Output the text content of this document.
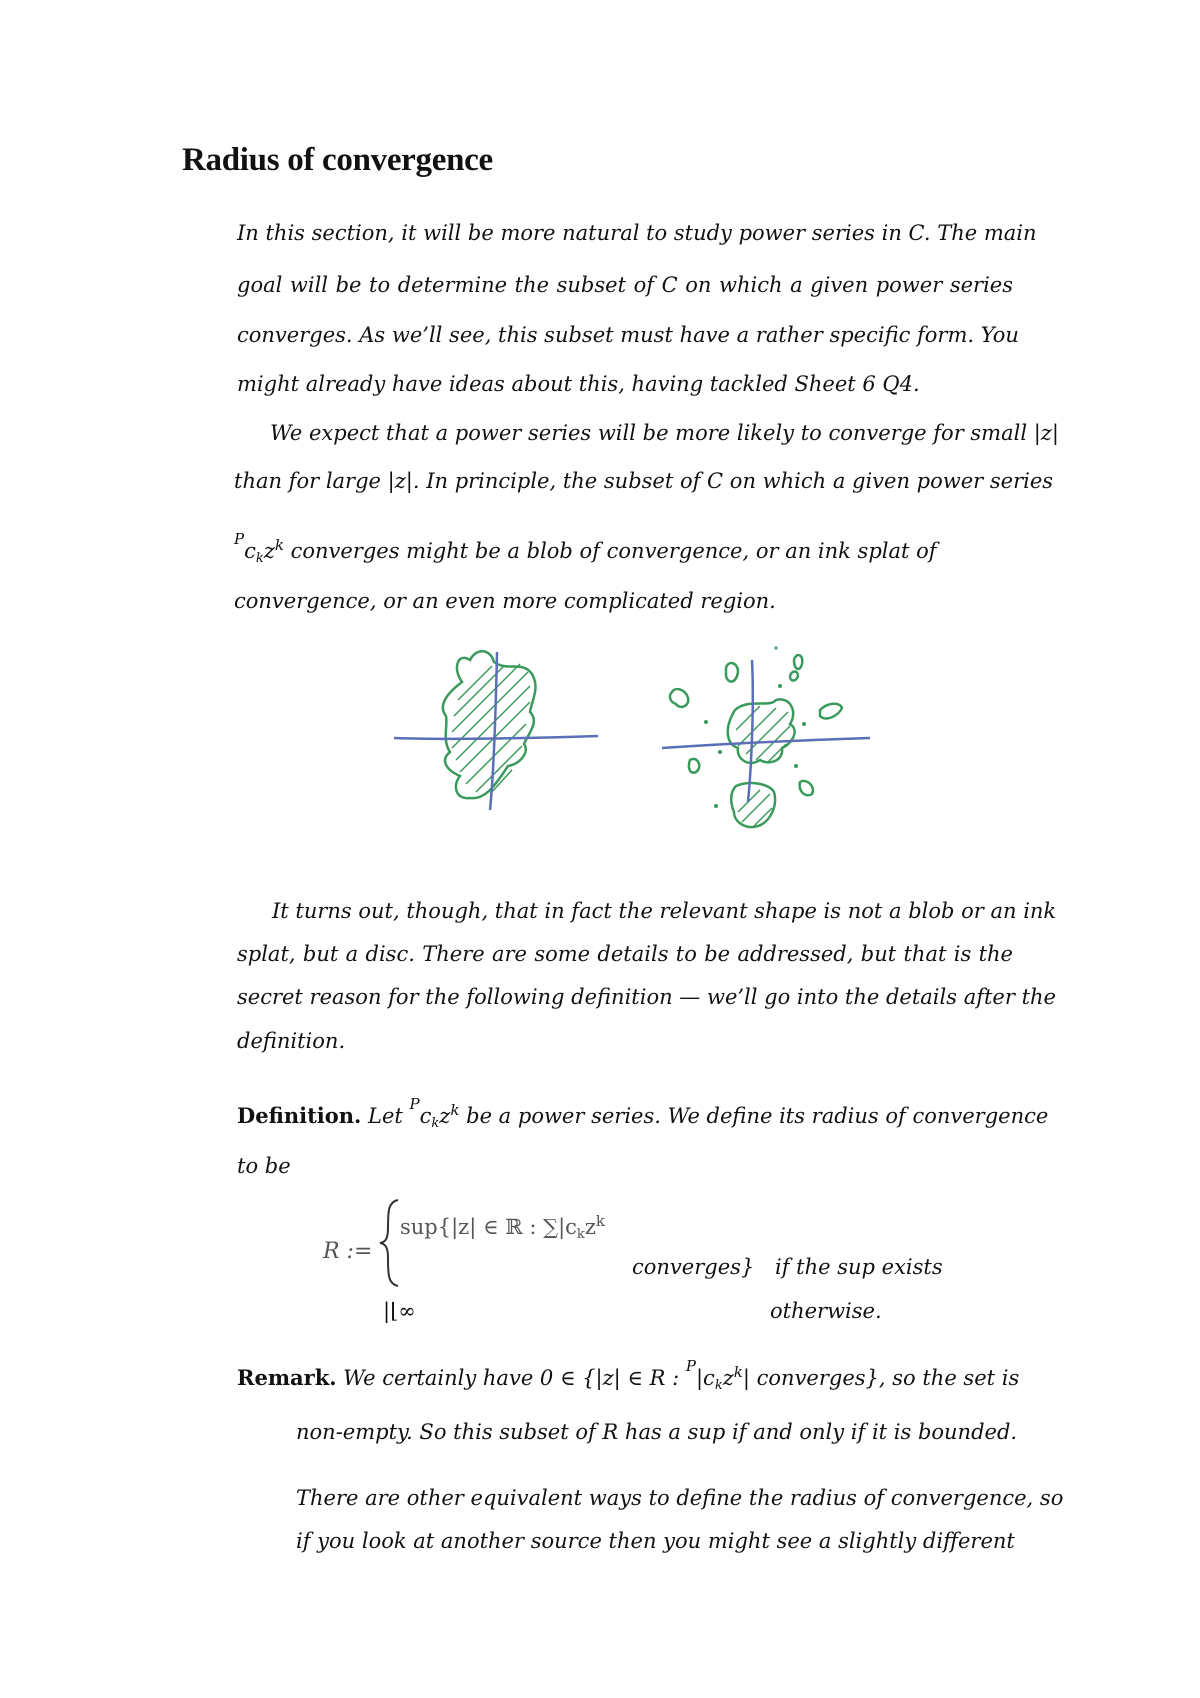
Radius of convergence

In this section, it will be more natural to study power series in C. The main

goal will be to determine the subset of C on which a given power series

converges. As we’ll see, this subset must have a rather specific form. You

might already have ideas about this, having tackled Sheet 6 Q4.

We expect that a power series will be more likely to converge for small |z|

than for large |z|. In principle, the subset of C on which a given power series

$^P$ckz$^k$ converges might be a blob of convergence, or an ink splat of

convergence, or an even more complicated region.

It turns out, though, that in fact the relevant shape is not a blob or an ink

splat, but a disc. There are some details to be addressed, but that is the

secret reason for the following definition — we’ll go into the details after the

definition.

Definition. Let $^P$ckz$^k$ be a power series. We define its radius of convergence

to be

R :=

sup{|z| ∈ ℝ : ∑|ckz$^k$

converges} if the sup exists

|⌊∞	otherwise.

Remark. We certainly have 0 ∈ {|z| ∈ R : $^P$|ckz$^k$| converges}, so the set is

non-empty. So this subset of R has a sup if and only if it is bounded.

There are other equivalent ways to define the radius of convergence, so

if you look at another source then you might see a slightly different
